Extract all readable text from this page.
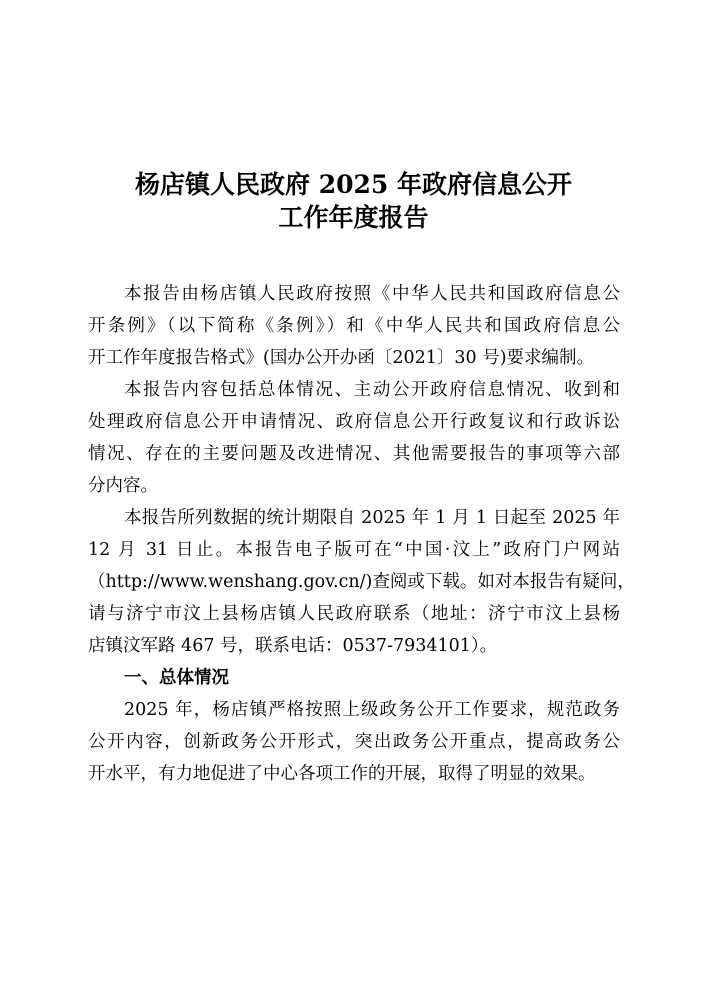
杨店镇人民政府 2025 年政府信息公开
工作年度报告
本报告由杨店镇人民政府按照《中华人民共和国政府信息公
开条例》（以下简称《条例》）和《中华人民共和国政府信息公
开工作年度报告格式》(国办公开办函〔2021〕30 号)要求编制。
本报告内容包括总体情况、主动公开政府信息情况、收到和
处理政府信息公开申请情况、政府信息公开行政复议和行政诉讼
情况、存在的主要问题及改进情况、其他需要报告的事项等六部
分内容。
本报告所列数据的统计期限自 2025 年 1 月 1 日起至 2025 年
12 月 31 日止。本报告电子版可在“中国·汶上”政府门户网站
（http://www.wenshang.gov.cn/)查阅或下载。如对本报告有疑问，
请与济宁市汶上县杨店镇人民政府联系（地址：济宁市汶上县杨
店镇汶军路 467 号，联系电话：0537-7934101）。
一、总体情况
2025 年，杨店镇严格按照上级政务公开工作要求，规范政务
公开内容，创新政务公开形式，突出政务公开重点，提高政务公
开水平，有力地促进了中心各项工作的开展，取得了明显的效果。
